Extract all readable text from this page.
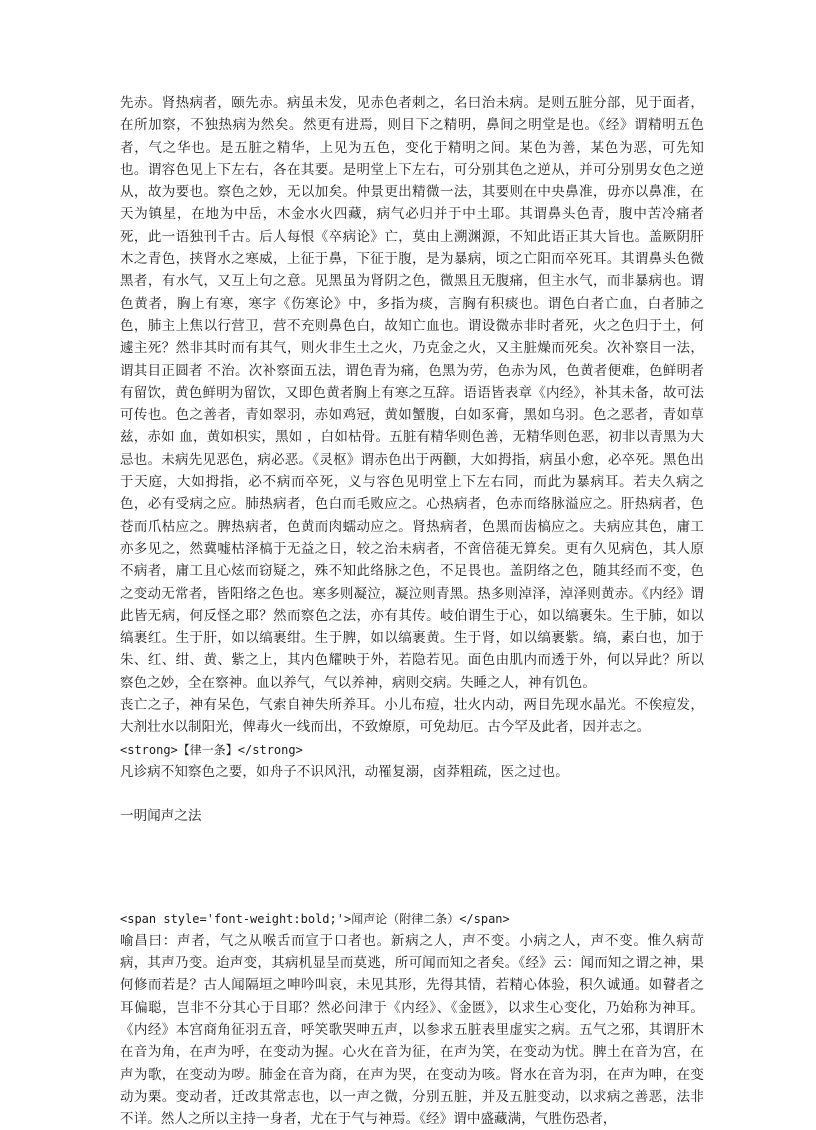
先赤。肾热病者，颐先赤。病虽未发，见赤色者刺之，名曰治未病。是则五脏分部，见于面者，在所加察，不独热病为然矣。然更有进焉，则目下之精明，鼻间之明堂是也。《经》谓精明五色者，气之华也。是五脏之精华，上见为五色，变化于精明之间。某色为善，某色为恶，可先知也。谓容色见上下左右，各在其要。是明堂上下左右，可分别其色之逆从，并可分别男女色之逆从，故为要也。察色之妙，无以加矣。仲景更出精微一法，其要则在中央鼻准，毋亦以鼻准，在天为镇星，在地为中岳，木金水火四藏，病气必归并于中土耶。其谓鼻头色青，腹中苦冷痛者死，此一语独刊千古。后人每恨《卒病论》亡，莫由上溯渊源，不知此语正其大旨也。盖厥阴肝木之青色，挟肾水之寒威，上征于鼻，下征于腹，是为暴病，顷之亡阳而卒死耳。其谓鼻头色微黑者，有水气，又互上句之意。见黑虽为肾阴之色，微黑且无腹痛，但主水气，而非暴病也。谓色黄者，胸上有寒，寒字《伤寒论》中，多指为痰，言胸有积痰也。谓色白者亡血，白者肺之色，肺主上焦以行营卫，营不充则鼻色白，故知亡血也。谓设微赤非时者死，火之色归于土，何遽主死？然非其时而有其气，则火非生土之火，乃克金之火，又主脏燥而死矣。次补察目一法，谓其目正圆者 不治。次补察面五法，谓色青为痛，色黑为劳，色赤为风，色黄者便难，色鲜明者有留饮，黄色鲜明为留饮，又即色黄者胸上有寒之互辞。语语皆表章《内经》，补其未备，故可法可传也。色之善者，青如翠羽，赤如鸡冠，黄如蟹腹，白如豕膏，黑如乌羽。色之恶者，青如草兹，赤如 血，黄如枳实，黑如 ，白如枯骨。五脏有精华则色善，无精华则色恶，初非以青黑为大忌也。未病先见恶色，病必恶。《灵枢》谓赤色出于两颧，大如拇指，病虽小愈，必卒死。黑色出于天庭，大如拇指，必不病而卒死，义与容色见明堂上下左右同，而此为暴病耳。若夫久病之色，必有受病之应。肺热病者，色白而毛败应之。心热病者，色赤而络脉溢应之。肝热病者，色苍而爪枯应之。脾热病者，色黄而肉蠕动应之。肾热病者，色黑而齿槁应之。夫病应其色，庸工亦多见之，然冀嘘枯泽槁于无益之日，较之治未病者，不啻倍蓰无算矣。更有久见病色，其人原不病者，庸工且心炫而窃疑之，殊不知此络脉之色，不足畏也。盖阴络之色，随其经而不变，色之变动无常者，皆阳络之色也。寒多则凝泣，凝泣则青黑。热多则淖泽，淖泽则黄赤。《内经》谓此皆无病，何反怪之耶？然而察色之法，亦有其传。岐伯谓生于心，如以缟裹朱。生于肺，如以缟裹红。生于肝，如以缟裹绀。生于脾，如以缟裹黄。生于肾，如以缟裹紫。缟，素白也，加于朱、红、绀、黄、紫之上，其内色耀映于外，若隐若见。面色由肌内而透于外，何以异此？所以察色之妙，全在察神。血以养气，气以养神，病则交病。失睡之人，神有饥色。

丧亡之子，神有呆色，气索自神失所养耳。小儿布痘，壮火内动，两目先现水晶光。不俟痘发，大剂壮水以制阳光，俾毒火一线而出，不致燎原，可免劫厄。古今罕及此者，因并志之。

<strong>【律一条】</strong>

凡诊病不知察色之要，如舟子不识风汛，动罹复溺，卤莽粗疏，医之过也。

一明闻声之法

<span style='font-weight:bold;'>闻声论（附律二条）</span>

喻昌曰：声者，气之从喉舌而宣于口者也。新病之人，声不变。小病之人，声不变。惟久病苛病，其声乃变。迨声变，其病机显呈而莫逃，所可闻而知之者矣。《经》云：闻而知之谓之神，果何修而若是？古人闻隔垣之呻吟叫哀，未见其形，先得其情，若精心体验，积久诚通。如瞽者之耳偏聪，岂非不分其心于目耶？然必问津于《内经》、《金匮》，以求生心变化，乃始称为神耳。《内经》本宫商角征羽五音，呼笑歌哭呻五声，以参求五脏表里虚实之病。五气之邪，其谓肝木在音为角，在声为呼，在变动为握。心火在音为征，在声为笑，在变动为忧。脾土在音为宫，在声为歌，在变动为哕。肺金在音为商，在声为哭，在变动为咳。肾水在音为羽，在声为呻，在变动为栗。变动者，迁改其常志也，以一声之微，分别五脏，并及五脏变动，以求病之善恶，法非不详。然人之所以主持一身者，尤在于气与神焉。《经》谓中盛藏满，气胜伤恐者，
